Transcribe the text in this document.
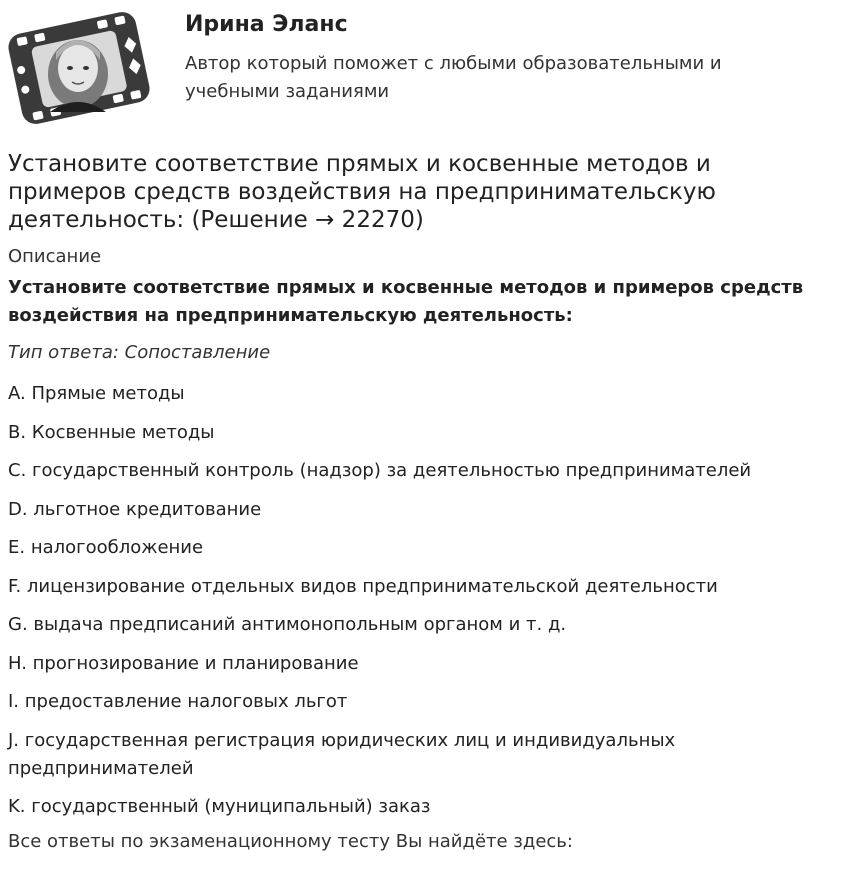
Ирина Эланс
Автор который поможет с любыми образовательными и учебными заданиями
Установите соответствие прямых и косвенные методов и примеров средств воздействия на предпринимательскую деятельность: (Решение → 22270)
Описание
Установите соответствие прямых и косвенные методов и примеров средств воздействия на предпринимательскую деятельность:
Тип ответа: Сопоставление
A. Прямые методы
B. Косвенные методы
C. государственный контроль (надзор) за деятельностью предпринимателей
D. льготное кредитование
E. налогообложение
F. лицензирование отдельных видов предпринимательской деятельности
G. выдача предписаний антимонопольным органом и т. д.
H. прогнозирование и планирование
I. предоставление налоговых льгот
J. государственная регистрация юридических лиц и индивидуальных предпринимателей
K. государственный (муниципальный) заказ
Все ответы по экзаменационному тесту Вы найдёте здесь:
